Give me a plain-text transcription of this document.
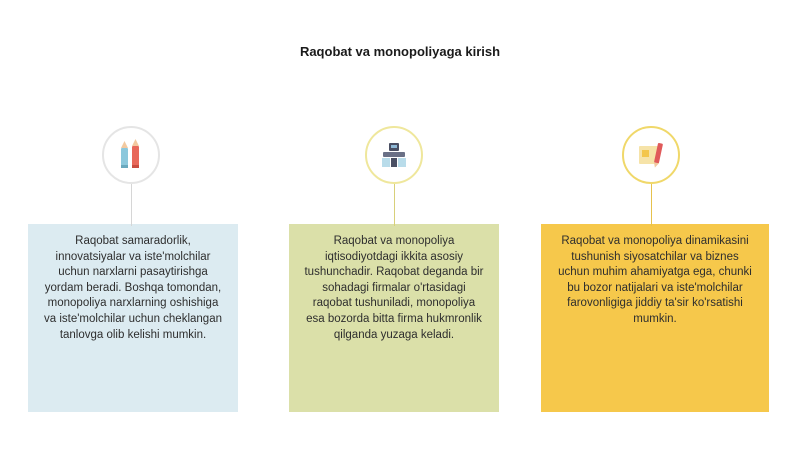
Raqobat va monopoliyaga kirish
Raqobat samaradorlik, innovatsiyalar va iste'molchilar uchun narxlarni pasaytirishga yordam beradi. Boshqa tomondan, monopoliya narxlarning oshishiga va iste'molchilar uchun cheklangan tanlovga olib kelishi mumkin.
Raqobat va monopoliya iqtisodiyotdagi ikkita asosiy tushunchadir. Raqobat deganda bir sohadagi firmalar o'rtasidagi raqobat tushuniladi, monopoliya esa bozorda bitta firma hukmronlik qilganda yuzaga keladi.
Raqobat va monopoliya dinamikasini tushunish siyosatchilar va biznes uchun muhim ahamiyatga ega, chunki bu bozor natijalari va iste'molchilar farovonligiga jiddiy ta'sir ko'rsatishi mumkin.
